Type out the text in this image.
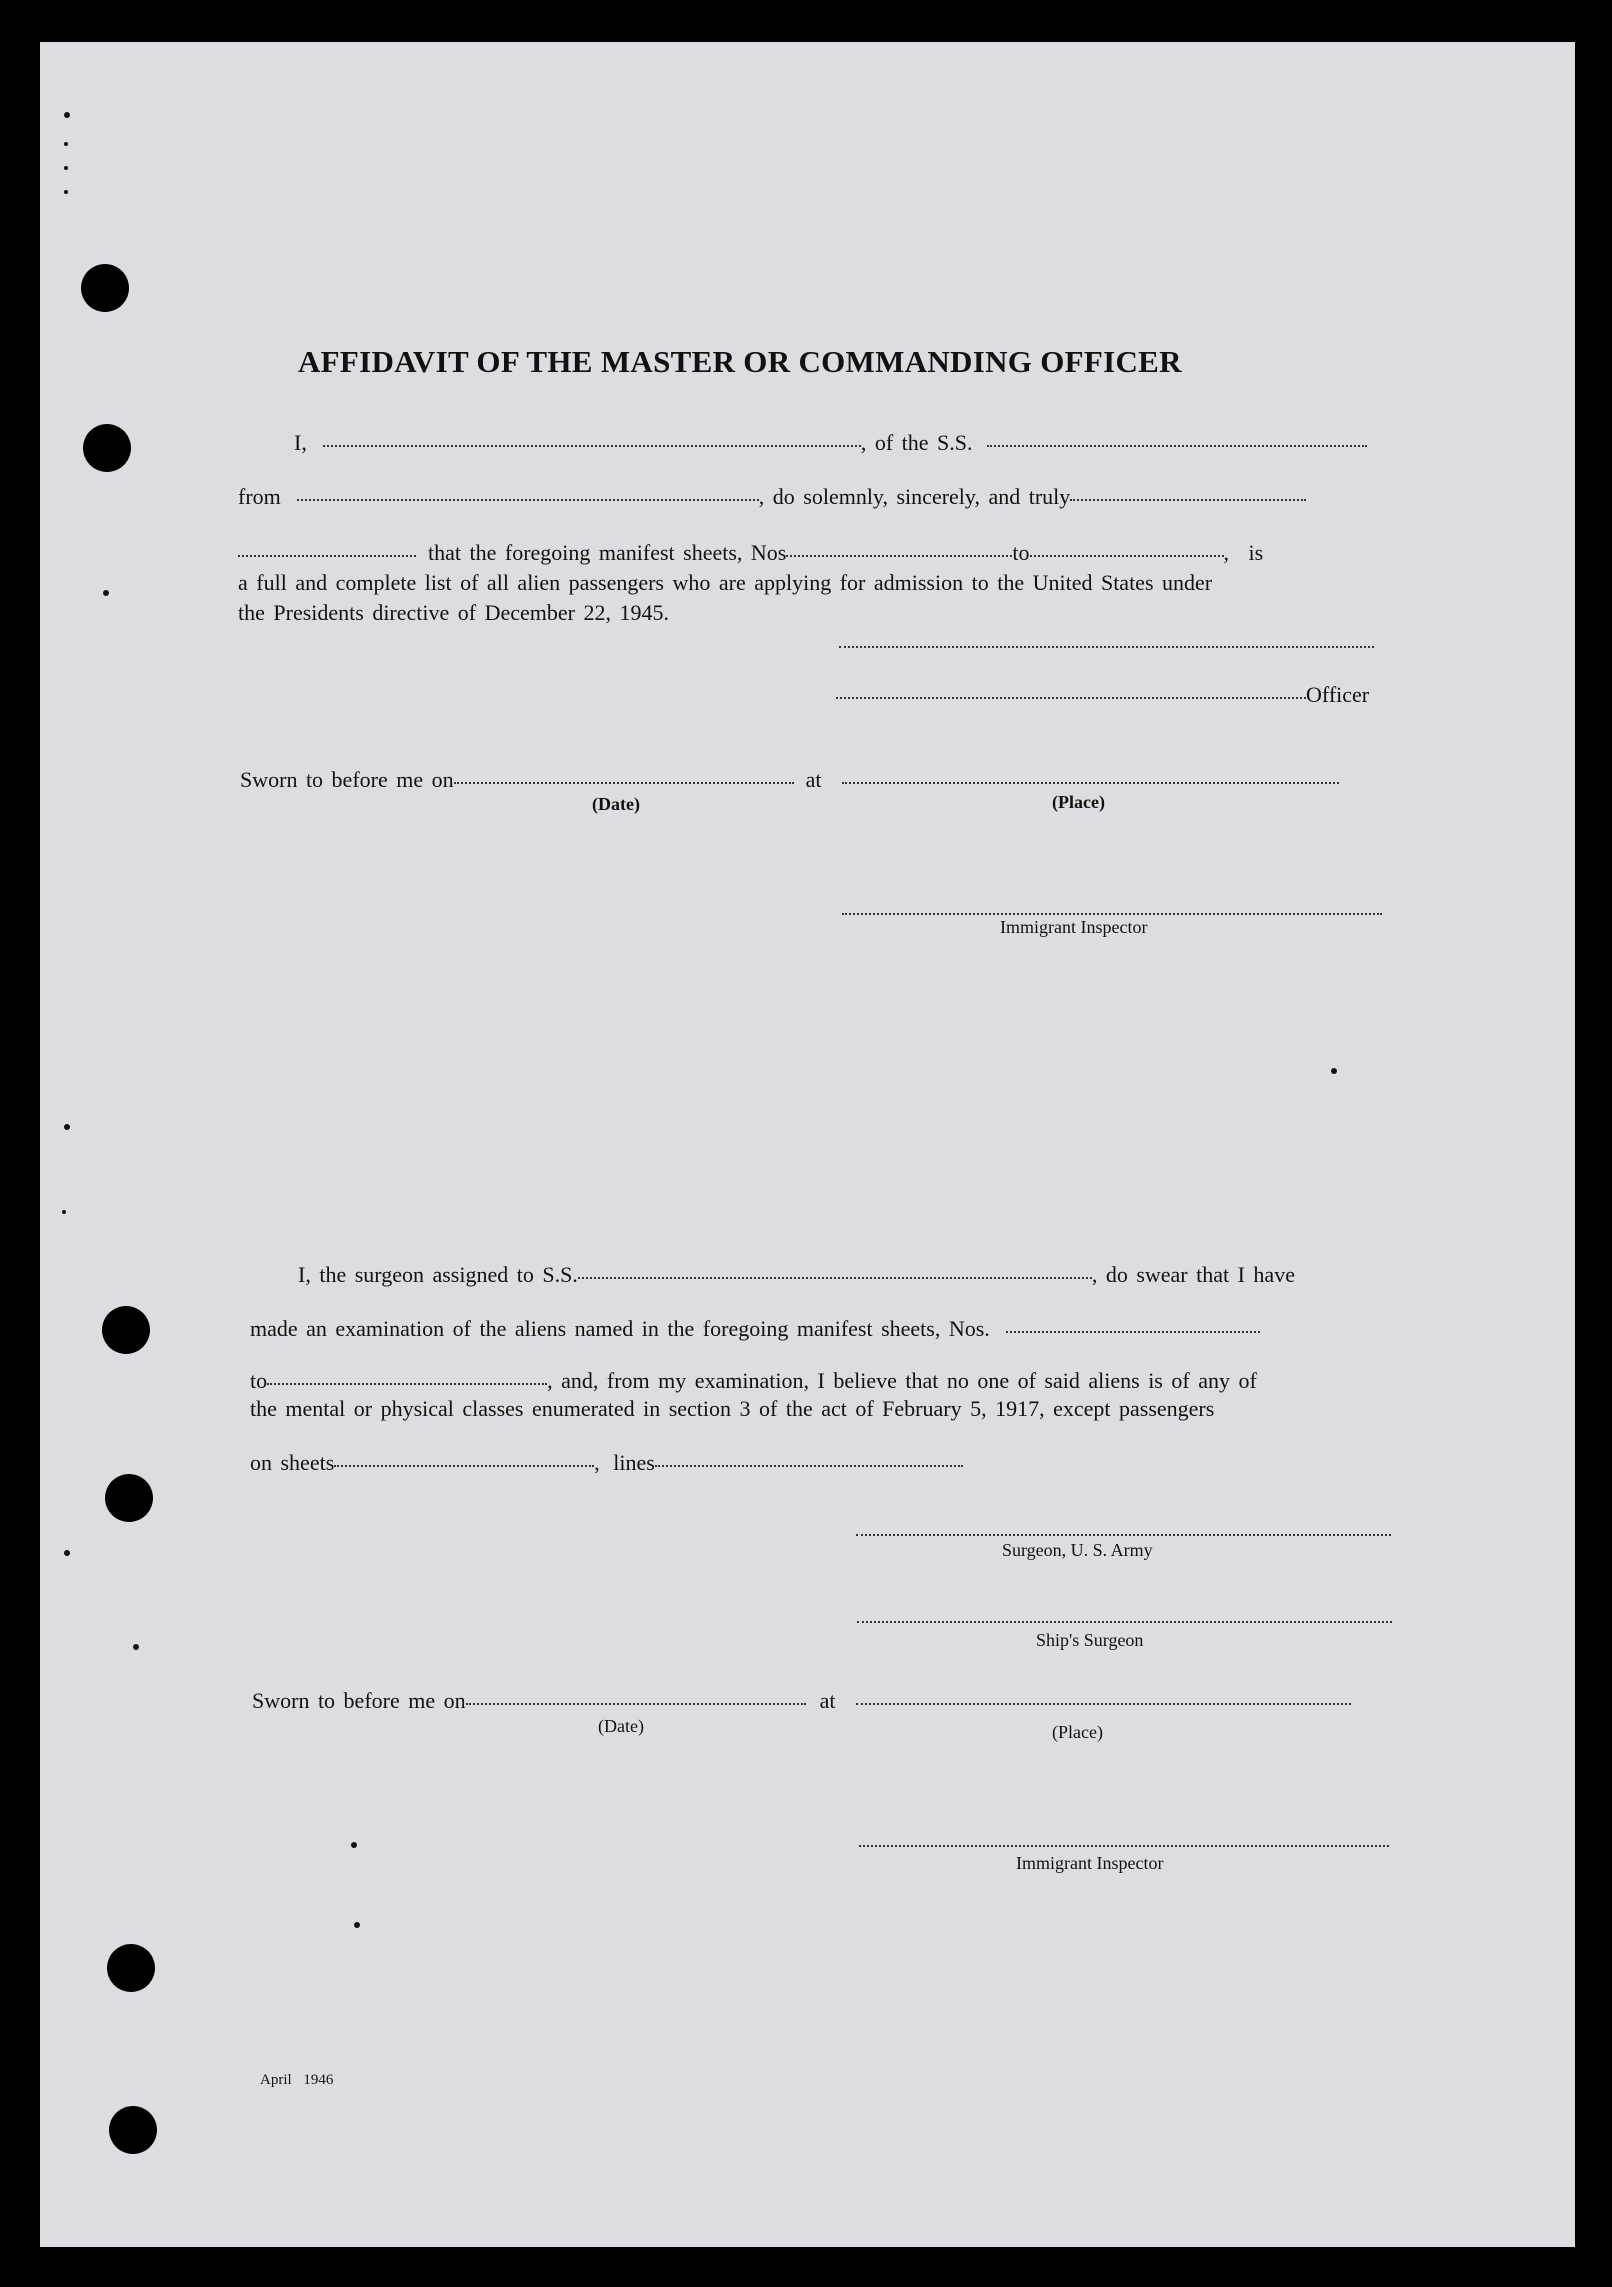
AFFIDAVIT OF THE MASTER OR COMMANDING OFFICER
I,	, of the S.S.
from	, do solemnly, sincerely, and truly
that the foregoing manifest sheets, Nos	to	, is
a full and complete list of all alien passengers who are applying for admission to the United States under
the Presidents directive of December 22, 1945.
Officer
Sworn to before me on	at
(Date)	(Place)
Immigrant Inspector
I, the surgeon assigned to S.S.	, do swear that I have
made an examination of the aliens named in the foregoing manifest sheets, Nos.
to	, and, from my examination, I believe that no one of said aliens is of any of
the mental or physical classes enumerated in section 3 of the act of February 5, 1917, except passengers
on sheets	, lines
Surgeon, U. S. Army
Ship's Surgeon
Sworn to before me on	at
(Date)	(Place)
Immigrant Inspector
April 1946
